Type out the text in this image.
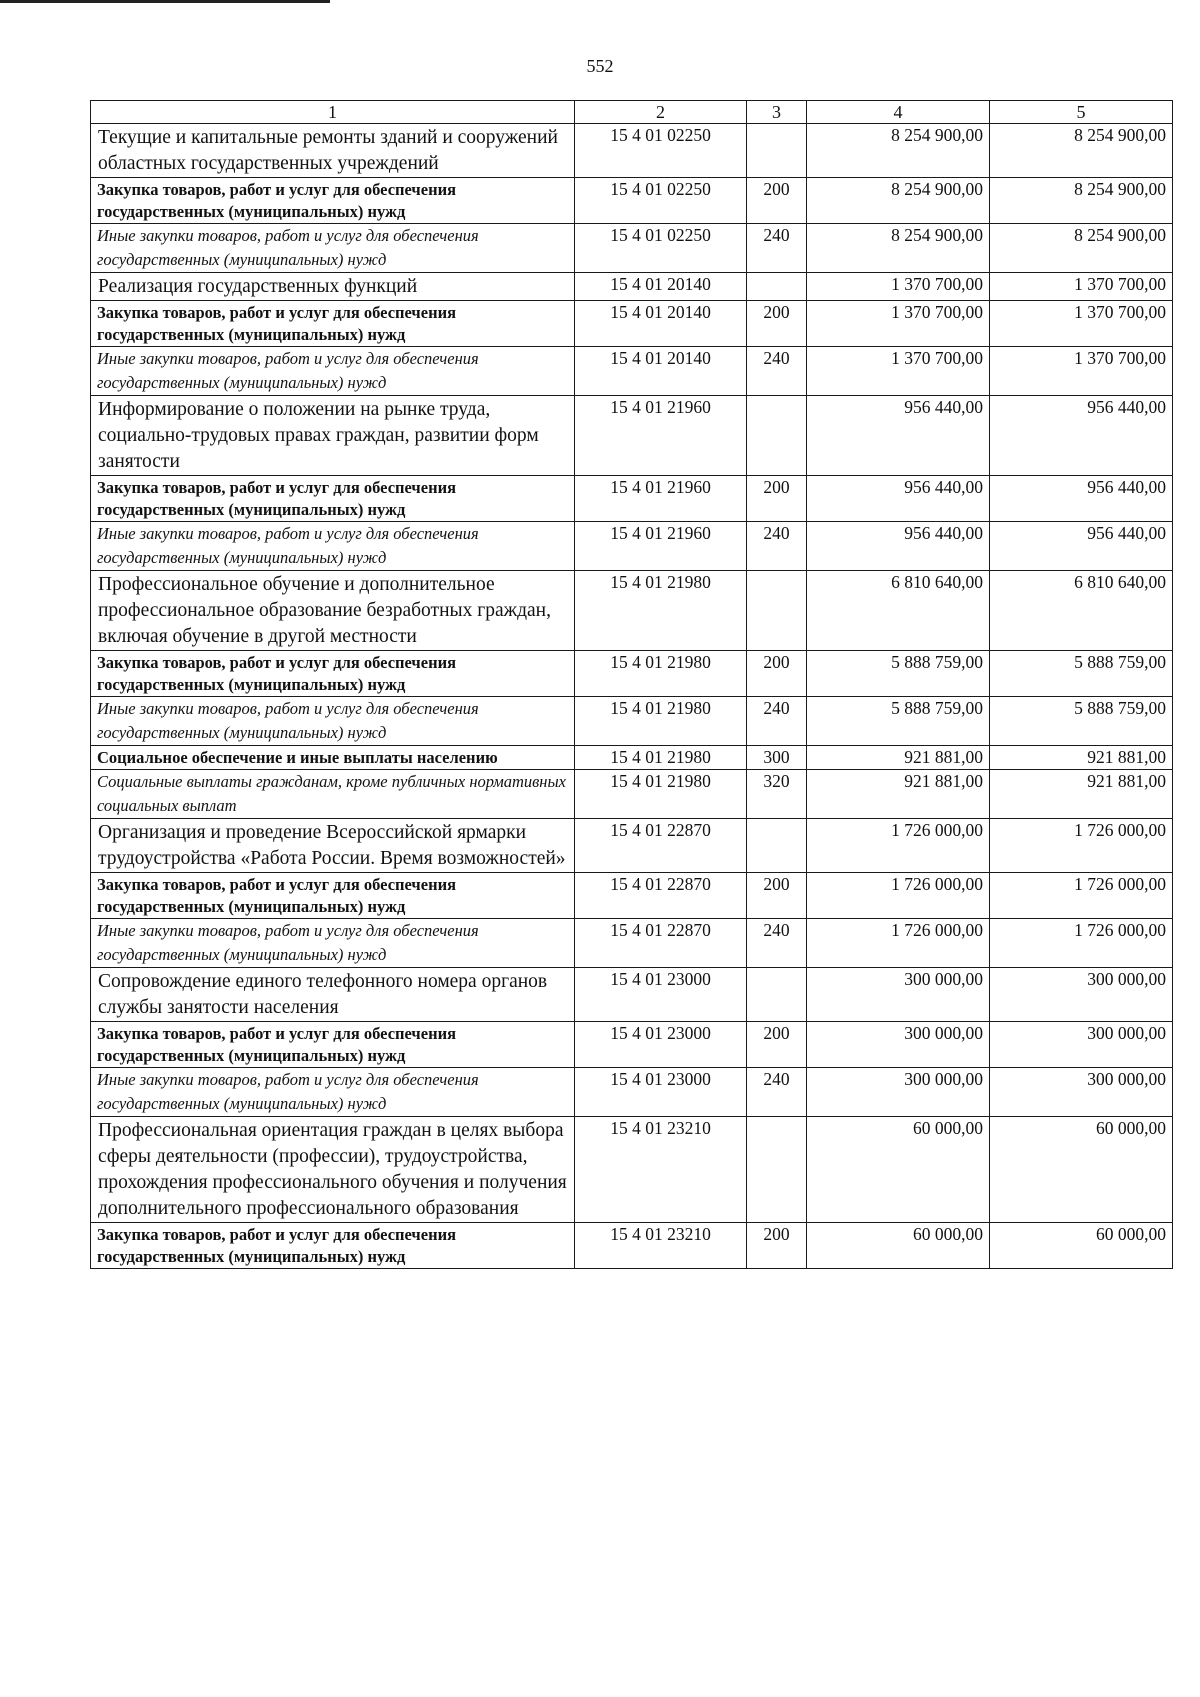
552
1	2	3	4	5
Текущие и капитальные ремонты зданий и сооружений областных государственных учреждений	15 4 01 02250		8 254 900,00	8 254 900,00
Закупка товаров, работ и услуг для обеспечения государственных (муниципальных) нужд	15 4 01 02250	200	8 254 900,00	8 254 900,00
Иные закупки товаров, работ и услуг для обеспечения государственных (муниципальных) нужд	15 4 01 02250	240	8 254 900,00	8 254 900,00
Реализация государственных функций	15 4 01 20140		1 370 700,00	1 370 700,00
Закупка товаров, работ и услуг для обеспечения государственных (муниципальных) нужд	15 4 01 20140	200	1 370 700,00	1 370 700,00
Иные закупки товаров, работ и услуг для обеспечения государственных (муниципальных) нужд	15 4 01 20140	240	1 370 700,00	1 370 700,00
Информирование о положении на рынке труда, социально-трудовых правах граждан, развитии форм занятости	15 4 01 21960		956 440,00	956 440,00
Закупка товаров, работ и услуг для обеспечения государственных (муниципальных) нужд	15 4 01 21960	200	956 440,00	956 440,00
Иные закупки товаров, работ и услуг для обеспечения государственных (муниципальных) нужд	15 4 01 21960	240	956 440,00	956 440,00
Профессиональное обучение и дополнительное профессиональное образование безработных граждан, включая обучение в другой местности	15 4 01 21980		6 810 640,00	6 810 640,00
Закупка товаров, работ и услуг для обеспечения государственных (муниципальных) нужд	15 4 01 21980	200	5 888 759,00	5 888 759,00
Иные закупки товаров, работ и услуг для обеспечения государственных (муниципальных) нужд	15 4 01 21980	240	5 888 759,00	5 888 759,00
Социальное обеспечение и иные выплаты населению	15 4 01 21980	300	921 881,00	921 881,00
Социальные выплаты гражданам, кроме публичных нормативных социальных выплат	15 4 01 21980	320	921 881,00	921 881,00
Организация и проведение Всероссийской ярмарки трудоустройства «Работа России. Время возможностей»	15 4 01 22870		1 726 000,00	1 726 000,00
Закупка товаров, работ и услуг для обеспечения государственных (муниципальных) нужд	15 4 01 22870	200	1 726 000,00	1 726 000,00
Иные закупки товаров, работ и услуг для обеспечения государственных (муниципальных) нужд	15 4 01 22870	240	1 726 000,00	1 726 000,00
Сопровождение единого телефонного номера органов службы занятости населения	15 4 01 23000		300 000,00	300 000,00
Закупка товаров, работ и услуг для обеспечения государственных (муниципальных) нужд	15 4 01 23000	200	300 000,00	300 000,00
Иные закупки товаров, работ и услуг для обеспечения государственных (муниципальных) нужд	15 4 01 23000	240	300 000,00	300 000,00
Профессиональная ориентация граждан в целях выбора сферы деятельности (профессии), трудоустройства, прохождения профессионального обучения и получения дополнительного профессионального образования	15 4 01 23210		60 000,00	60 000,00
Закупка товаров, работ и услуг для обеспечения государственных (муниципальных) нужд	15 4 01 23210	200	60 000,00	60 000,00
